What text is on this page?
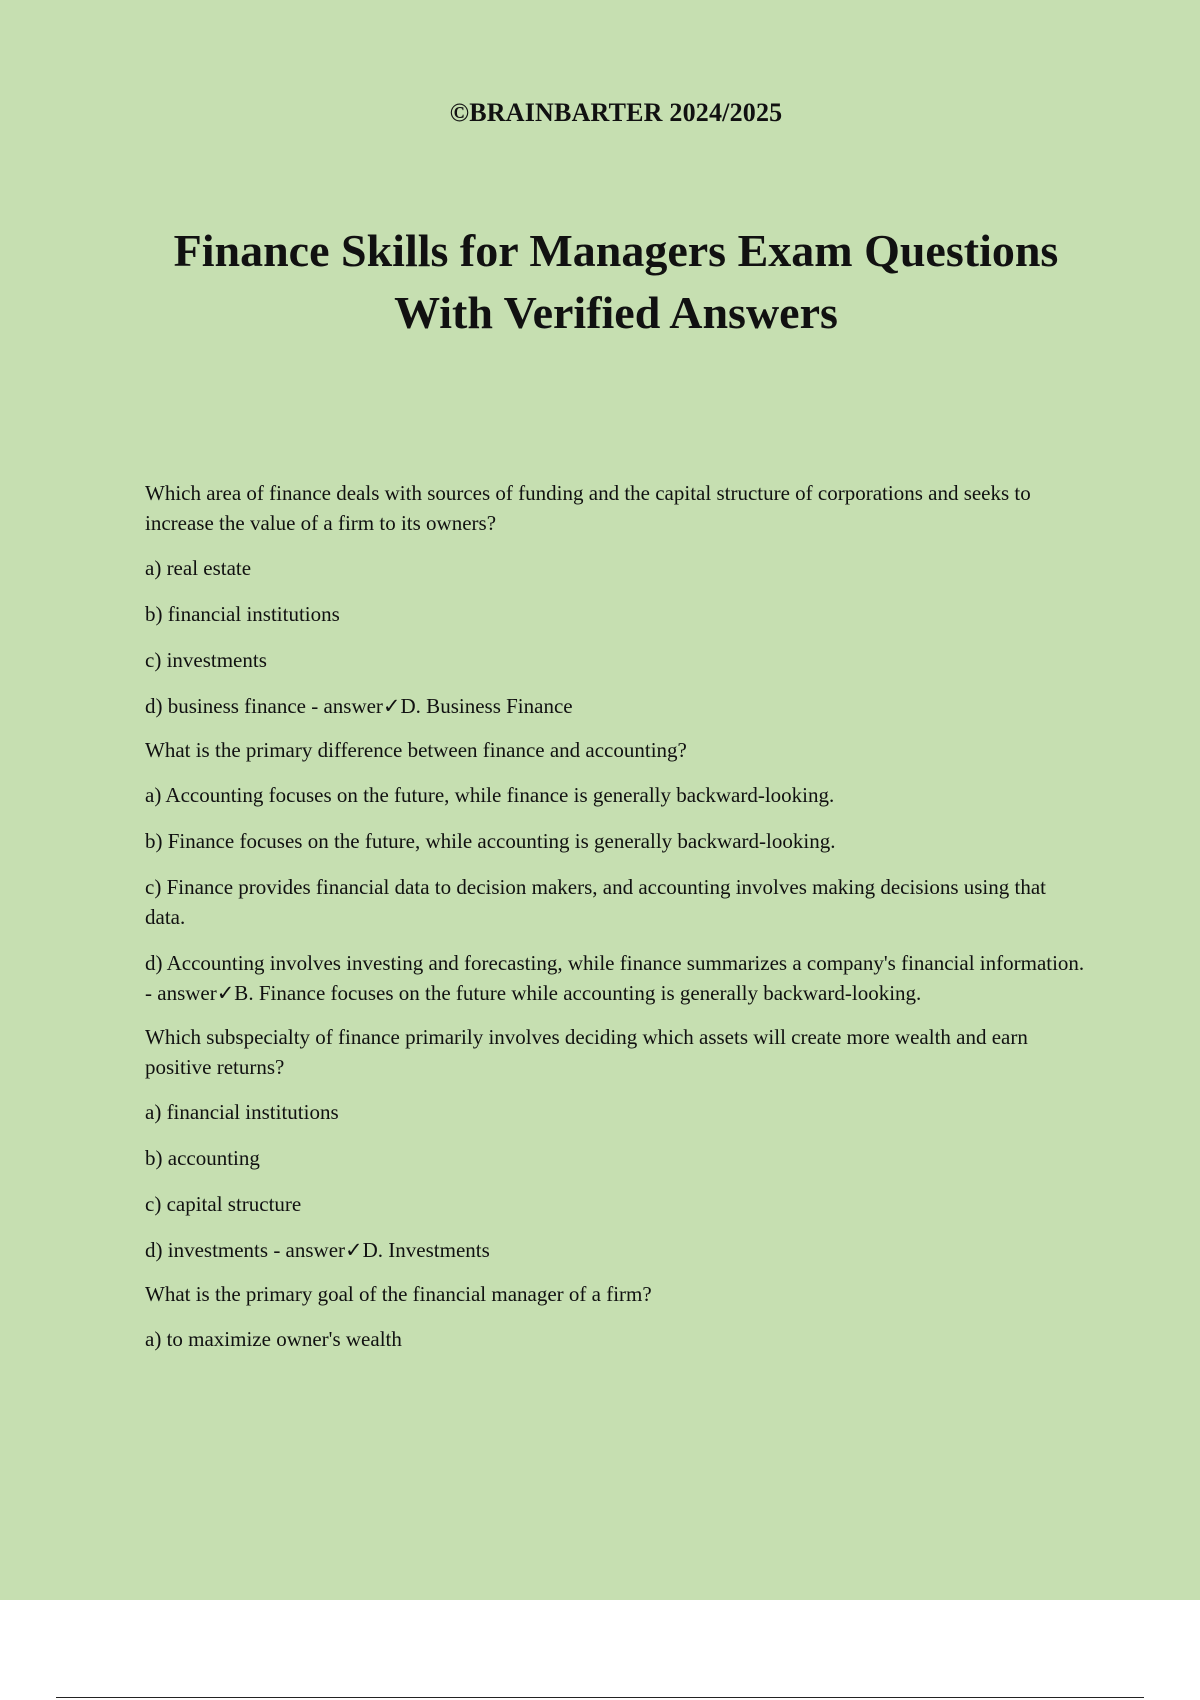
©BRAINBARTER 2024/2025
Finance Skills for Managers Exam Questions
With Verified Answers

Which area of finance deals with sources of funding and the capital structure of corporations and seeks to increase the value of a firm to its owners?

a) real estate

b) financial institutions

c) investments

d) business finance - answer✓D. Business Finance

What is the primary difference between finance and accounting?

a) Accounting focuses on the future, while finance is generally backward-looking.

b) Finance focuses on the future, while accounting is generally backward-looking.

c) Finance provides financial data to decision makers, and accounting involves making decisions using that data.

d) Accounting involves investing and forecasting, while finance summarizes a company's financial information. - answer✓B. Finance focuses on the future while accounting is generally backward-looking.

Which subspecialty of finance primarily involves deciding which assets will create more wealth and earn positive returns?

a) financial institutions

b) accounting

c) capital structure

d) investments - answer✓D. Investments

What is the primary goal of the financial manager of a firm?

a) to maximize owner's wealth
